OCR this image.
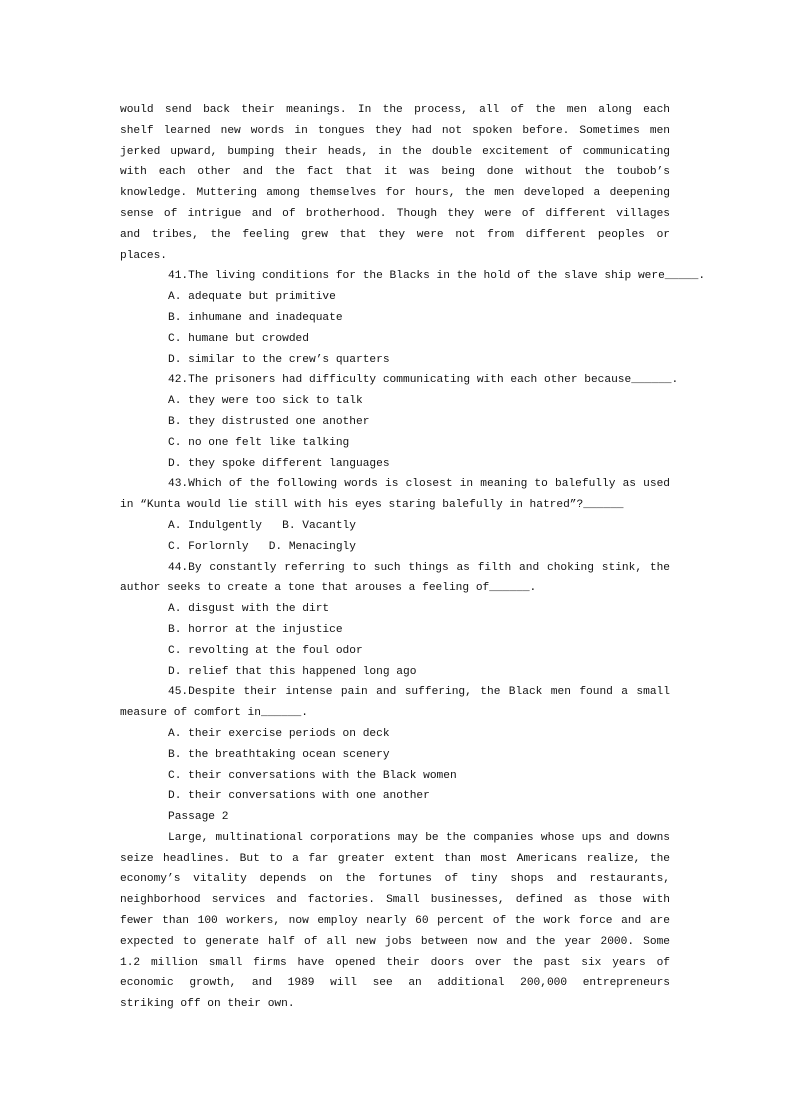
would send back their meanings. In the process, all of the men along each
shelf learned new words in tongues they had not spoken before. Sometimes men
jerked upward, bumping their heads, in the double excitement of communicating
with each other and the fact that it was being done without the toubob’s
knowledge. Muttering among themselves for hours, the men developed a deepening
sense of intrigue and of brotherhood. Though they were of different villages
and tribes, the feeling grew that they were not from different peoples or
places.
41.The living conditions for the Blacks in the hold of the slave ship were_____.
A. adequate but primitive
B. inhumane and inadequate
C. humane but crowded
D. similar to the crew’s quarters
42.The prisoners had difficulty communicating with each other because______.
A. they were too sick to talk
B. they distrusted one another
C. no one felt like talking
D. they spoke different languages
43.Which of the following words is closest in meaning to balefully as used
in “Kunta would lie still with his eyes staring balefully in hatred”?______
A. Indulgently   B. Vacantly
C. Forlornly   D. Menacingly
44.By constantly referring to such things as filth and choking stink, the
author seeks to create a tone that arouses a feeling of______.
A. disgust with the dirt
B. horror at the injustice
C. revolting at the foul odor
D. relief that this happened long ago
45.Despite their intense pain and suffering, the Black men found a small
measure of comfort in______.
A. their exercise periods on deck
B. the breathtaking ocean scenery
C. their conversations with the Black women
D. their conversations with one another
Passage 2
Large, multinational corporations may be the companies whose ups and downs
seize headlines. But to a far greater extent than most Americans realize, the
economy’s vitality depends on the fortunes of tiny shops and restaurants,
neighborhood services and factories. Small businesses, defined as those with
fewer than 100 workers, now employ nearly 60 percent of the work force and are
expected to generate half of all new jobs between now and the year 2000. Some
1.2 million small firms have opened their doors over the past six years of
economic growth, and 1989 will see an additional 200,000 entrepreneurs
striking off on their own.
